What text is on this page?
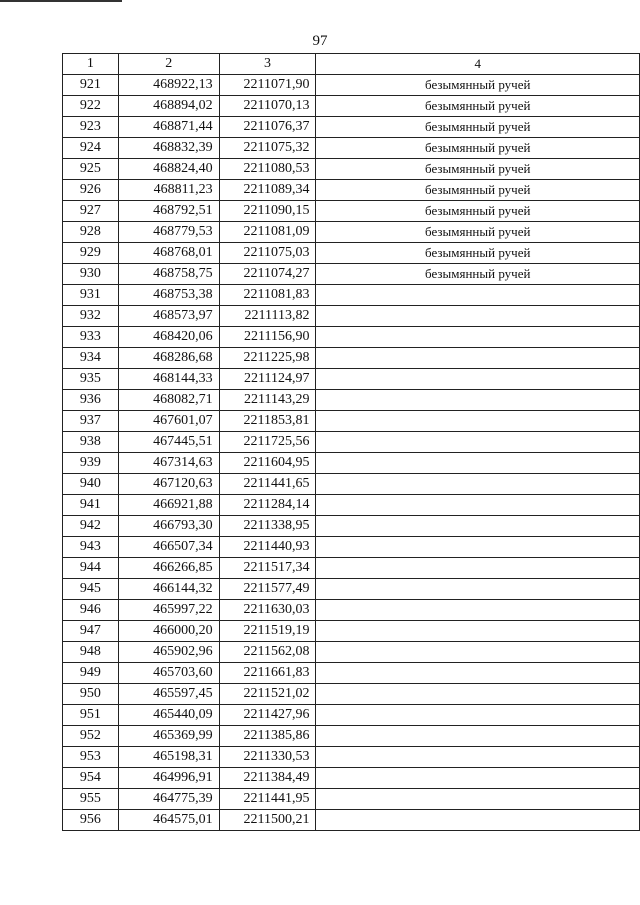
97
1	2	3	4
921	468922,13	2211071,90	безымянный ручей
922	468894,02	2211070,13	безымянный ручей
923	468871,44	2211076,37	безымянный ручей
924	468832,39	2211075,32	безымянный ручей
925	468824,40	2211080,53	безымянный ручей
926	468811,23	2211089,34	безымянный ручей
927	468792,51	2211090,15	безымянный ручей
928	468779,53	2211081,09	безымянный ручей
929	468768,01	2211075,03	безымянный ручей
930	468758,75	2211074,27	безымянный ручей
931	468753,38	2211081,83	
932	468573,97	2211113,82	
933	468420,06	2211156,90	
934	468286,68	2211225,98	
935	468144,33	2211124,97	
936	468082,71	2211143,29	
937	467601,07	2211853,81	
938	467445,51	2211725,56	
939	467314,63	2211604,95	
940	467120,63	2211441,65	
941	466921,88	2211284,14	
942	466793,30	2211338,95	
943	466507,34	2211440,93	
944	466266,85	2211517,34	
945	466144,32	2211577,49	
946	465997,22	2211630,03	
947	466000,20	2211519,19	
948	465902,96	2211562,08	
949	465703,60	2211661,83	
950	465597,45	2211521,02	
951	465440,09	2211427,96	
952	465369,99	2211385,86	
953	465198,31	2211330,53	
954	464996,91	2211384,49	
955	464775,39	2211441,95	
956	464575,01	2211500,21	
